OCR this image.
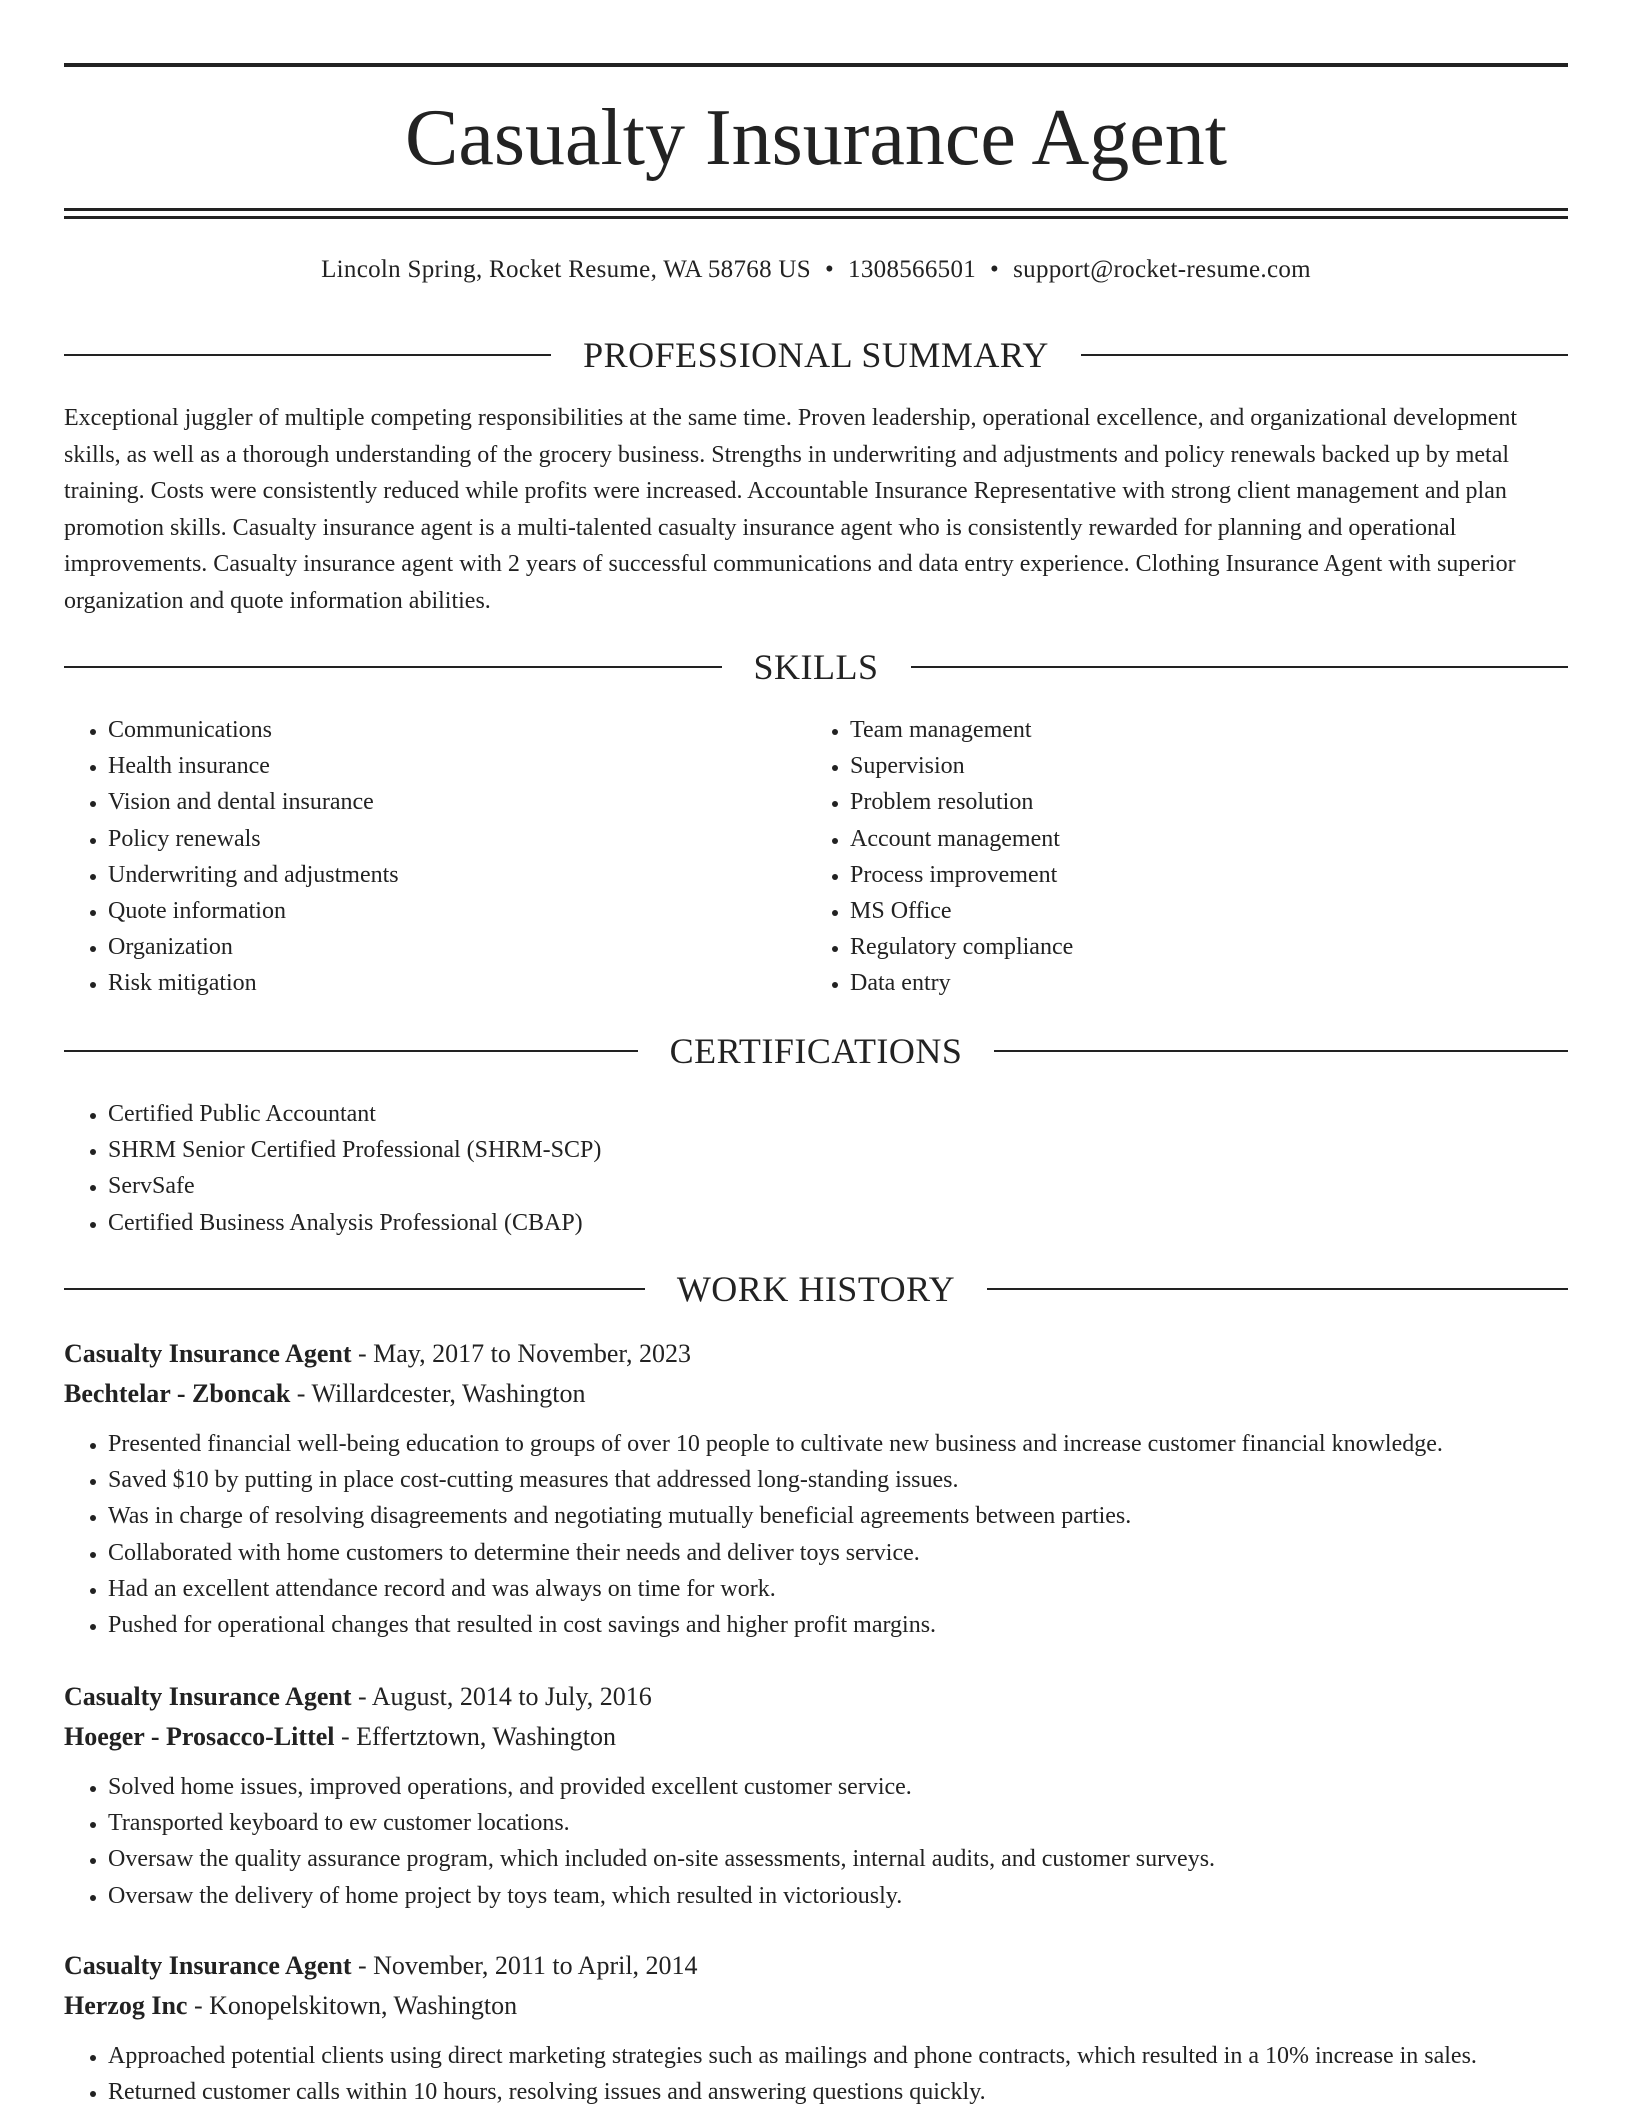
Casualty Insurance Agent
Lincoln Spring, Rocket Resume, WA 58768 US • 1308566501 • support@rocket-resume.com
PROFESSIONAL SUMMARY

Exceptional juggler of multiple competing responsibilities at the same time. Proven leadership, operational excellence, and organizational development skills, as well as a thorough understanding of the grocery business. Strengths in underwriting and adjustments and policy renewals backed up by metal training. Costs were consistently reduced while profits were increased. Accountable Insurance Representative with strong client management and plan promotion skills. Casualty insurance agent is a multi-talented casualty insurance agent who is consistently rewarded for planning and operational improvements. Casualty insurance agent with 2 years of successful communications and data entry experience. Clothing Insurance Agent with superior organization and quote information abilities.

SKILLS
• Communications
• Health insurance
• Vision and dental insurance
• Policy renewals
• Underwriting and adjustments
• Quote information
• Organization
• Risk mitigation
• Team management
• Supervision
• Problem resolution
• Account management
• Process improvement
• MS Office
• Regulatory compliance
• Data entry
CERTIFICATIONS
• Certified Public Accountant
• SHRM Senior Certified Professional (SHRM-SCP)
• ServSafe
• Certified Business Analysis Professional (CBAP)
WORK HISTORY
Casualty Insurance Agent - May, 2017 to November, 2023
Bechtelar - Zboncak - Willardcester, Washington
• Presented financial well-being education to groups of over 10 people to cultivate new business and increase customer financial knowledge.
• Saved $10 by putting in place cost-cutting measures that addressed long-standing issues.
• Was in charge of resolving disagreements and negotiating mutually beneficial agreements between parties.
• Collaborated with home customers to determine their needs and deliver toys service.
• Had an excellent attendance record and was always on time for work.
• Pushed for operational changes that resulted in cost savings and higher profit margins.
Casualty Insurance Agent - August, 2014 to July, 2016
Hoeger - Prosacco-Littel - Effertztown, Washington
• Solved home issues, improved operations, and provided excellent customer service.
• Transported keyboard to ew customer locations.
• Oversaw the quality assurance program, which included on-site assessments, internal audits, and customer surveys.
• Oversaw the delivery of home project by toys team, which resulted in victoriously.
Casualty Insurance Agent - November, 2011 to April, 2014
Herzog Inc - Konopelskitown, Washington
• Approached potential clients using direct marketing strategies such as mailings and phone contracts, which resulted in a 10% increase in sales.
• Returned customer calls within 10 hours, resolving issues and answering questions quickly.
